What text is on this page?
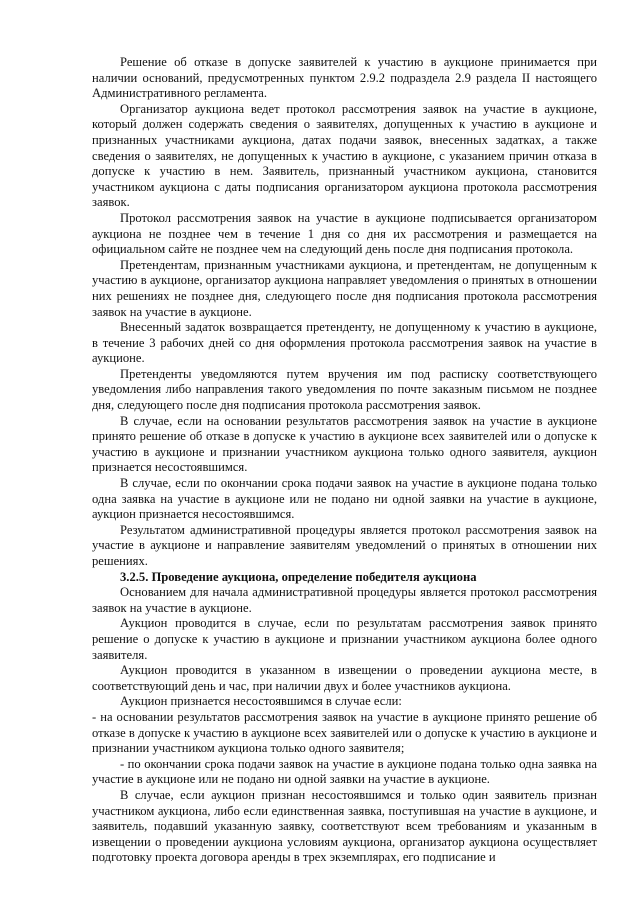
Решение об отказе в допуске заявителей к участию в аукционе принимается при наличии оснований, предусмотренных пунктом 2.9.2 подраздела 2.9 раздела II настоящего Административного регламента.

Организатор аукциона ведет протокол рассмотрения заявок на участие в аукционе, который должен содержать сведения о заявителях, допущенных к участию в аукционе и признанных участниками аукциона, датах подачи заявок, внесенных задатках, а также сведения о заявителях, не допущенных к участию в аукционе, с указанием причин отказа в допуске к участию в нем. Заявитель, признанный участником аукциона, становится участником аукциона с даты подписания организатором аукциона протокола рассмотрения заявок.

Протокол рассмотрения заявок на участие в аукционе подписывается организатором аукциона не позднее чем в течение 1 дня со дня их рассмотрения и размещается на официальном сайте не позднее чем на следующий день после дня подписания протокола.

Претендентам, признанным участниками аукциона, и претендентам, не допущенным к участию в аукционе, организатор аукциона направляет уведомления о принятых в отношении них решениях не позднее дня, следующего после дня подписания протокола рассмотрения заявок на участие в аукционе.

Внесенный задаток возвращается претенденту, не допущенному к участию в аукционе, в течение 3 рабочих дней со дня оформления протокола рассмотрения заявок на участие в аукционе.

Претенденты уведомляются путем вручения им под расписку соответствующего уведомления либо направления такого уведомления по почте заказным письмом не позднее дня, следующего после дня подписания протокола рассмотрения заявок.

В случае, если на основании результатов рассмотрения заявок на участие в аукционе принято решение об отказе в допуске к участию в аукционе всех заявителей или о допуске к участию в аукционе и признании участником аукциона только одного заявителя, аукцион признается несостоявшимся.

В случае, если по окончании срока подачи заявок на участие в аукционе подана только одна заявка на участие в аукционе или не подано ни одной заявки на участие в аукционе, аукцион признается несостоявшимся.

Результатом административной процедуры является протокол рассмотрения заявок на участие в аукционе и направление заявителям уведомлений о принятых в отношении них решениях.

3.2.5. Проведение аукциона, определение победителя аукциона

Основанием для начала административной процедуры является протокол рассмотрения заявок на участие в аукционе.

Аукцион проводится в случае, если по результатам рассмотрения заявок принято решение о допуске к участию в аукционе и признании участником аукциона более одного заявителя.

Аукцион проводится в указанном в извещении о проведении аукциона месте, в соответствующий день и час, при наличии двух и более участников аукциона.

Аукцион признается несостоявшимся в случае если:

- на основании результатов рассмотрения заявок на участие в аукционе принято решение об отказе в допуске к участию в аукционе всех заявителей или о допуске к участию в аукционе и признании участником аукциона только одного заявителя;

- по окончании срока подачи заявок на участие в аукционе подана только одна заявка на участие в аукционе или не подано ни одной заявки на участие в аукционе.

В случае, если аукцион признан несостоявшимся и только один заявитель признан участником аукциона, либо если единственная заявка, поступившая на участие в аукционе, и заявитель, подавший указанную заявку, соответствуют всем требованиям и указанным в извещении о проведении аукциона условиям аукциона, организатор аукциона осуществляет подготовку проекта договора аренды в трех экземплярах, его подписание и
